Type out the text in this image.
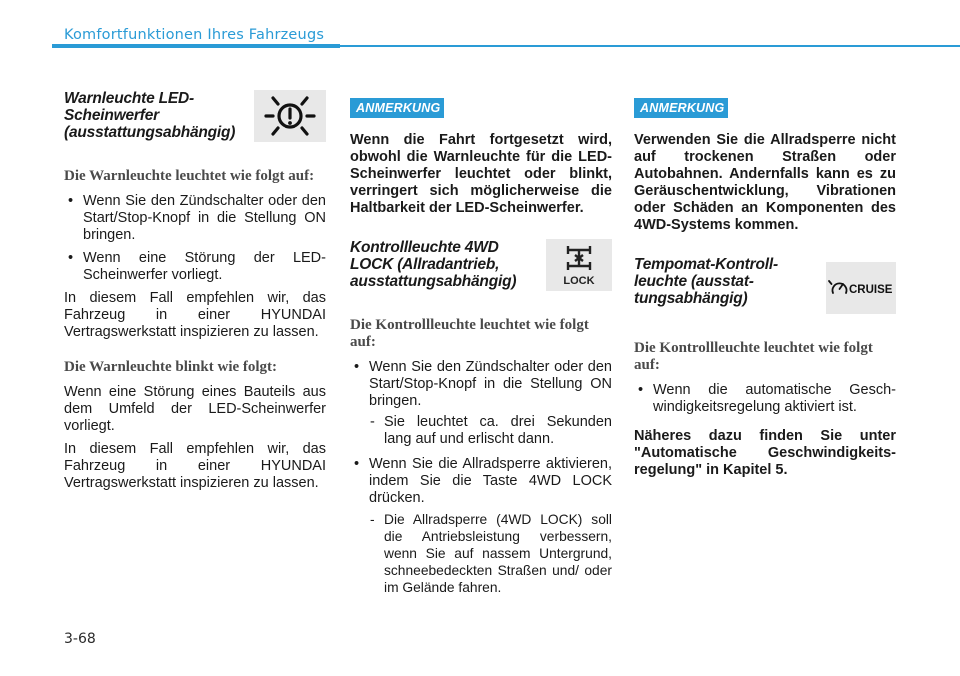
Komfortfunktionen Ihres Fahrzeugs
Warnleuchte LED-Scheinwerfer (ausstattungsabhängig)
Die Warnleuchte leuchtet wie folgt auf:
• Wenn Sie den Zündschalter oder den Start/Stop-Knopf in die Stellung ON bringen.
• Wenn eine Störung der LED-Scheinwerfer vorliegt.

In diesem Fall empfehlen wir, das Fahrzeug in einer HYUNDAI Vertragswerkstatt inspizieren zu lassen.

Die Warnleuchte blinkt wie folgt:

Wenn eine Störung eines Bauteils aus dem Umfeld der LED-Scheinwerfer vorliegt.

In diesem Fall empfehlen wir, das Fahrzeug in einer HYUNDAI Vertragswerkstatt inspizieren zu lassen.

ANMERKUNG

Wenn die Fahrt fortgesetzt wird, obwohl die Warnleuchte für die LED-Scheinwerfer leuchtet oder blinkt, verringert sich möglicherweise die Haltbarkeit der LED-Scheinwerfer.

Kontrollleuchte 4WD LOCK (Allradantrieb, ausstattungsabhängig)	LOCK
Die Kontrollleuchte leuchtet wie folgt auf:
• Wenn Sie den Zündschalter oder den Start/Stop-Knopf in die Stellung ON bringen.
- Sie leuchtet ca. drei Sekunden lang auf und erlischt dann.
• Wenn Sie die Allradsperre aktivieren, indem Sie die Taste 4WD LOCK drücken.
- Die Allradsperre (4WD LOCK) soll die Antriebsleistung verbessern, wenn Sie auf nassem Untergrund, schneebedeckten Straßen und/ oder im Gelände fahren.
ANMERKUNG

Verwenden Sie die Allradsperre nicht auf trockenen Straßen oder Autobahnen. Andernfalls kann es zu Geräuschentwicklung, Vibrationen oder Schäden an Komponenten des 4WD-Systems kommen.

Tempomat-Kontroll-leuchte (ausstat-tungsabhängig)	CRUISE
Die Kontrollleuchte leuchtet wie folgt auf:
• Wenn die automatische Gesch-windigkeitsregelung aktiviert ist.

Näheres dazu finden Sie unter "Automatische Geschwindigkeits-regelung" in Kapitel 5.

3-68
